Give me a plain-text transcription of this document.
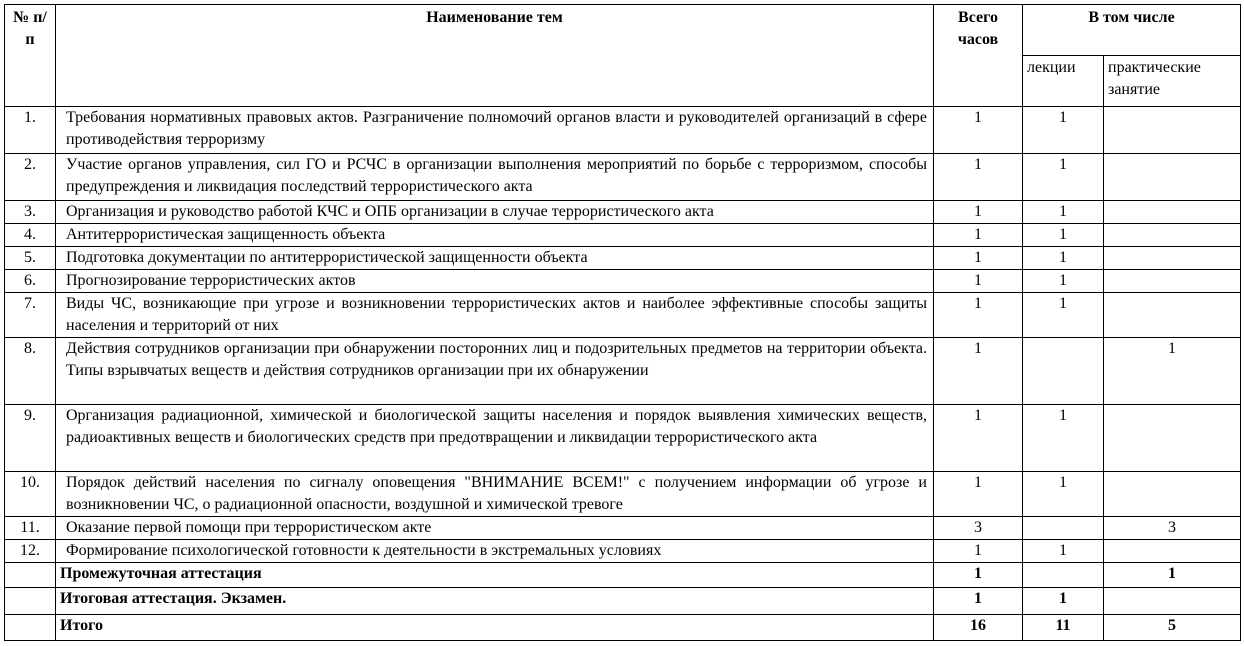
№ п/п	Наименование тем	Всего часов	В том числе	
			лекции	практические занятие
1.	Требования нормативных правовых актов. Разграничение полномочий органов власти и руководителей организаций в сфере противодействия терроризму	1	1	
2.	Участие органов управления, сил ГО и РСЧС в организации выполнения мероприятий по борьбе с терроризмом, способы предупреждения и ликвидация последствий террористического акта	1	1	
3.	Организация и руководство работой КЧС и ОПБ организации в случае террористического акта	1	1	
4.	Антитеррористическая защищенность объекта	1	1	
5.	Подготовка документации по антитеррористической защищенности объекта	1	1	
6.	Прогнозирование террористических актов	1	1	
7.	Виды ЧС, возникающие при угрозе и возникновении террористических актов и наиболее эффективные способы защиты населения и территорий от них	1	1	
8.	Действия сотрудников организации при обнаружении посторонних лиц и подозрительных предметов на территории объекта. Типы взрывчатых веществ и действия сотрудников организации при их обнаружении	1		1
9.	Организация радиационной, химической и биологической защиты населения и порядок выявления химических веществ, радиоактивных веществ и биологических средств при предотвращении и ликвидации террористического акта	1	1	
10.	Порядок действий населения по сигналу оповещения "ВНИМАНИЕ ВСЕМ!" с получением информации об угрозе и возникновении ЧС, о радиационной опасности, воздушной и химической тревоге	1	1	
11.	Оказание первой помощи при террористическом акте	3		3
12.	Формирование психологической готовности к деятельности в экстремальных условиях	1	1	
	Промежуточная аттестация	1		1
	Итоговая аттестация. Экзамен.	1	1	
	Итого	16	11	5
